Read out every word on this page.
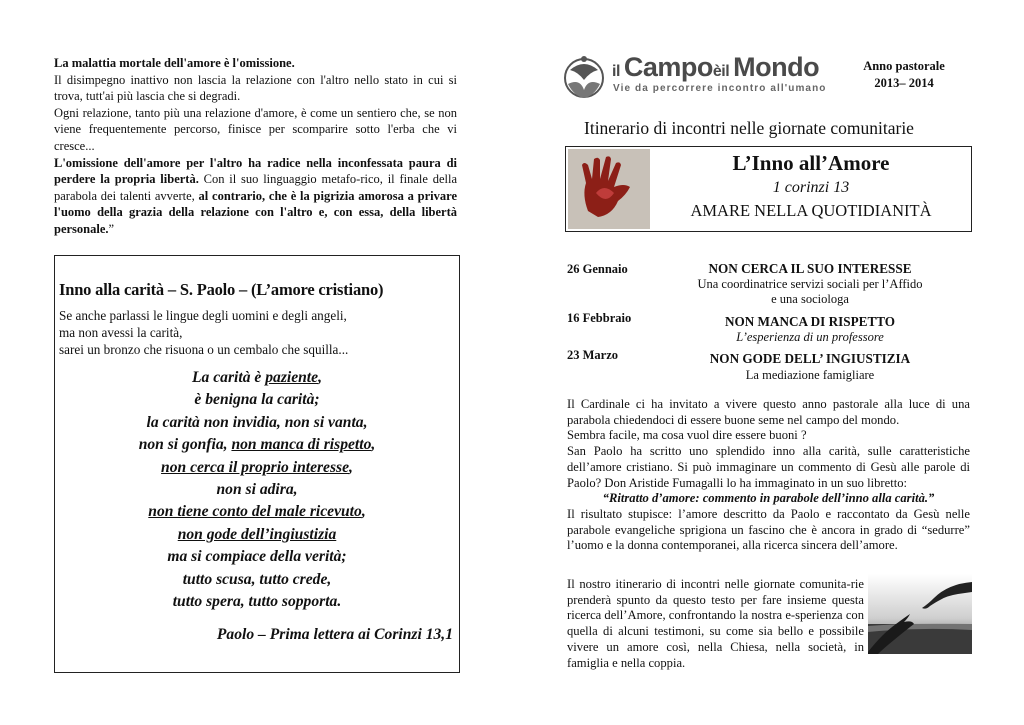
La malattia mortale dell'amore è l'omissione.

Il disimpegno inattivo non lascia la relazione con l'altro nello stato in cui si trova, tutt'ai più lascia che si degradi.

Ogni relazione, tanto più una relazione d'amore, è come un sentiero che, se non viene frequentemente percorso, finisce per scomparire sotto l'erba che vi cresce...

L'omissione dell'amore per l'altro ha radice nella inconfessata paura di perdere la propria libertà. Con il suo linguaggio metafo-rico, il finale della parabola dei talenti avverte, al contrario, che è la pigrizia amorosa a privare l'uomo della grazia della relazione con l'altro e, con essa, della libertà personale.”

Inno alla carità – S. Paolo – (L’amore cristiano)
Se anche parlassi le lingue degli uomini e degli angeli,
ma non avessi la carità,
sarei un bronzo che risuona o un cembalo che squilla...
La carità è paziente,
è benigna la carità;
la carità non invidia, non si vanta,
non si gonfia, non manca di rispetto,
non cerca il proprio interesse,
non si adira,
non tiene conto del male ricevuto,
non gode dell’ingiustizia
ma si compiace della verità;
tutto scusa, tutto crede,
tutto spera, tutto sopporta.
Paolo – Prima lettera ai Corinzi 13,1
il Campoèil Mondo
Vie da percorrere incontro all'umano
Anno pastorale
2013– 2014
Itinerario di incontri nelle giornate comunitarie
L’Inno all’Amore
1 corinzi 13
AMARE NELLA QUOTIDIANITÀ
26 Gennaio	NON CERCA IL SUO INTERESSE
Una coordinatrice servizi sociali per l’Affido
e una sociologa
16 Febbraio	NON MANCA DI RISPETTO
L’esperienza di un professore
23 Marzo	NON GODE DELL’ INGIUSTIZIA
La mediazione famigliare

Il Cardinale ci ha invitato a vivere questo anno pastorale alla luce di una parabola chiedendoci di essere buone seme nel campo del mondo.

Sembra facile, ma cosa vuol dire essere buoni ?

San Paolo ha scritto uno splendido inno alla carità, sulle caratteristiche dell’amore cristiano. Si può immaginare un commento di Gesù alle parole di Paolo? Don Aristide Fumagalli lo ha immaginato in un suo libretto:

“Ritratto d’amore: commento in parabole dell’inno alla carità.”

Il risultato stupisce: l’amore descritto da Paolo e raccontato da Gesù nelle parabole evangeliche sprigiona un fascino che è ancora in grado di “sedurre” l’uomo e la donna contemporanei, alla ricerca sincera dell’amore.

Il nostro itinerario di incontri nelle giornate comunita-rie prenderà spunto da questo testo per fare insieme questa ricerca dell’Amore, confrontando la nostra e-sperienza con quella di alcuni testimoni, su come sia bello e possibile vivere un amore così, nella Chiesa, nella società, in famiglia e nella coppia.
